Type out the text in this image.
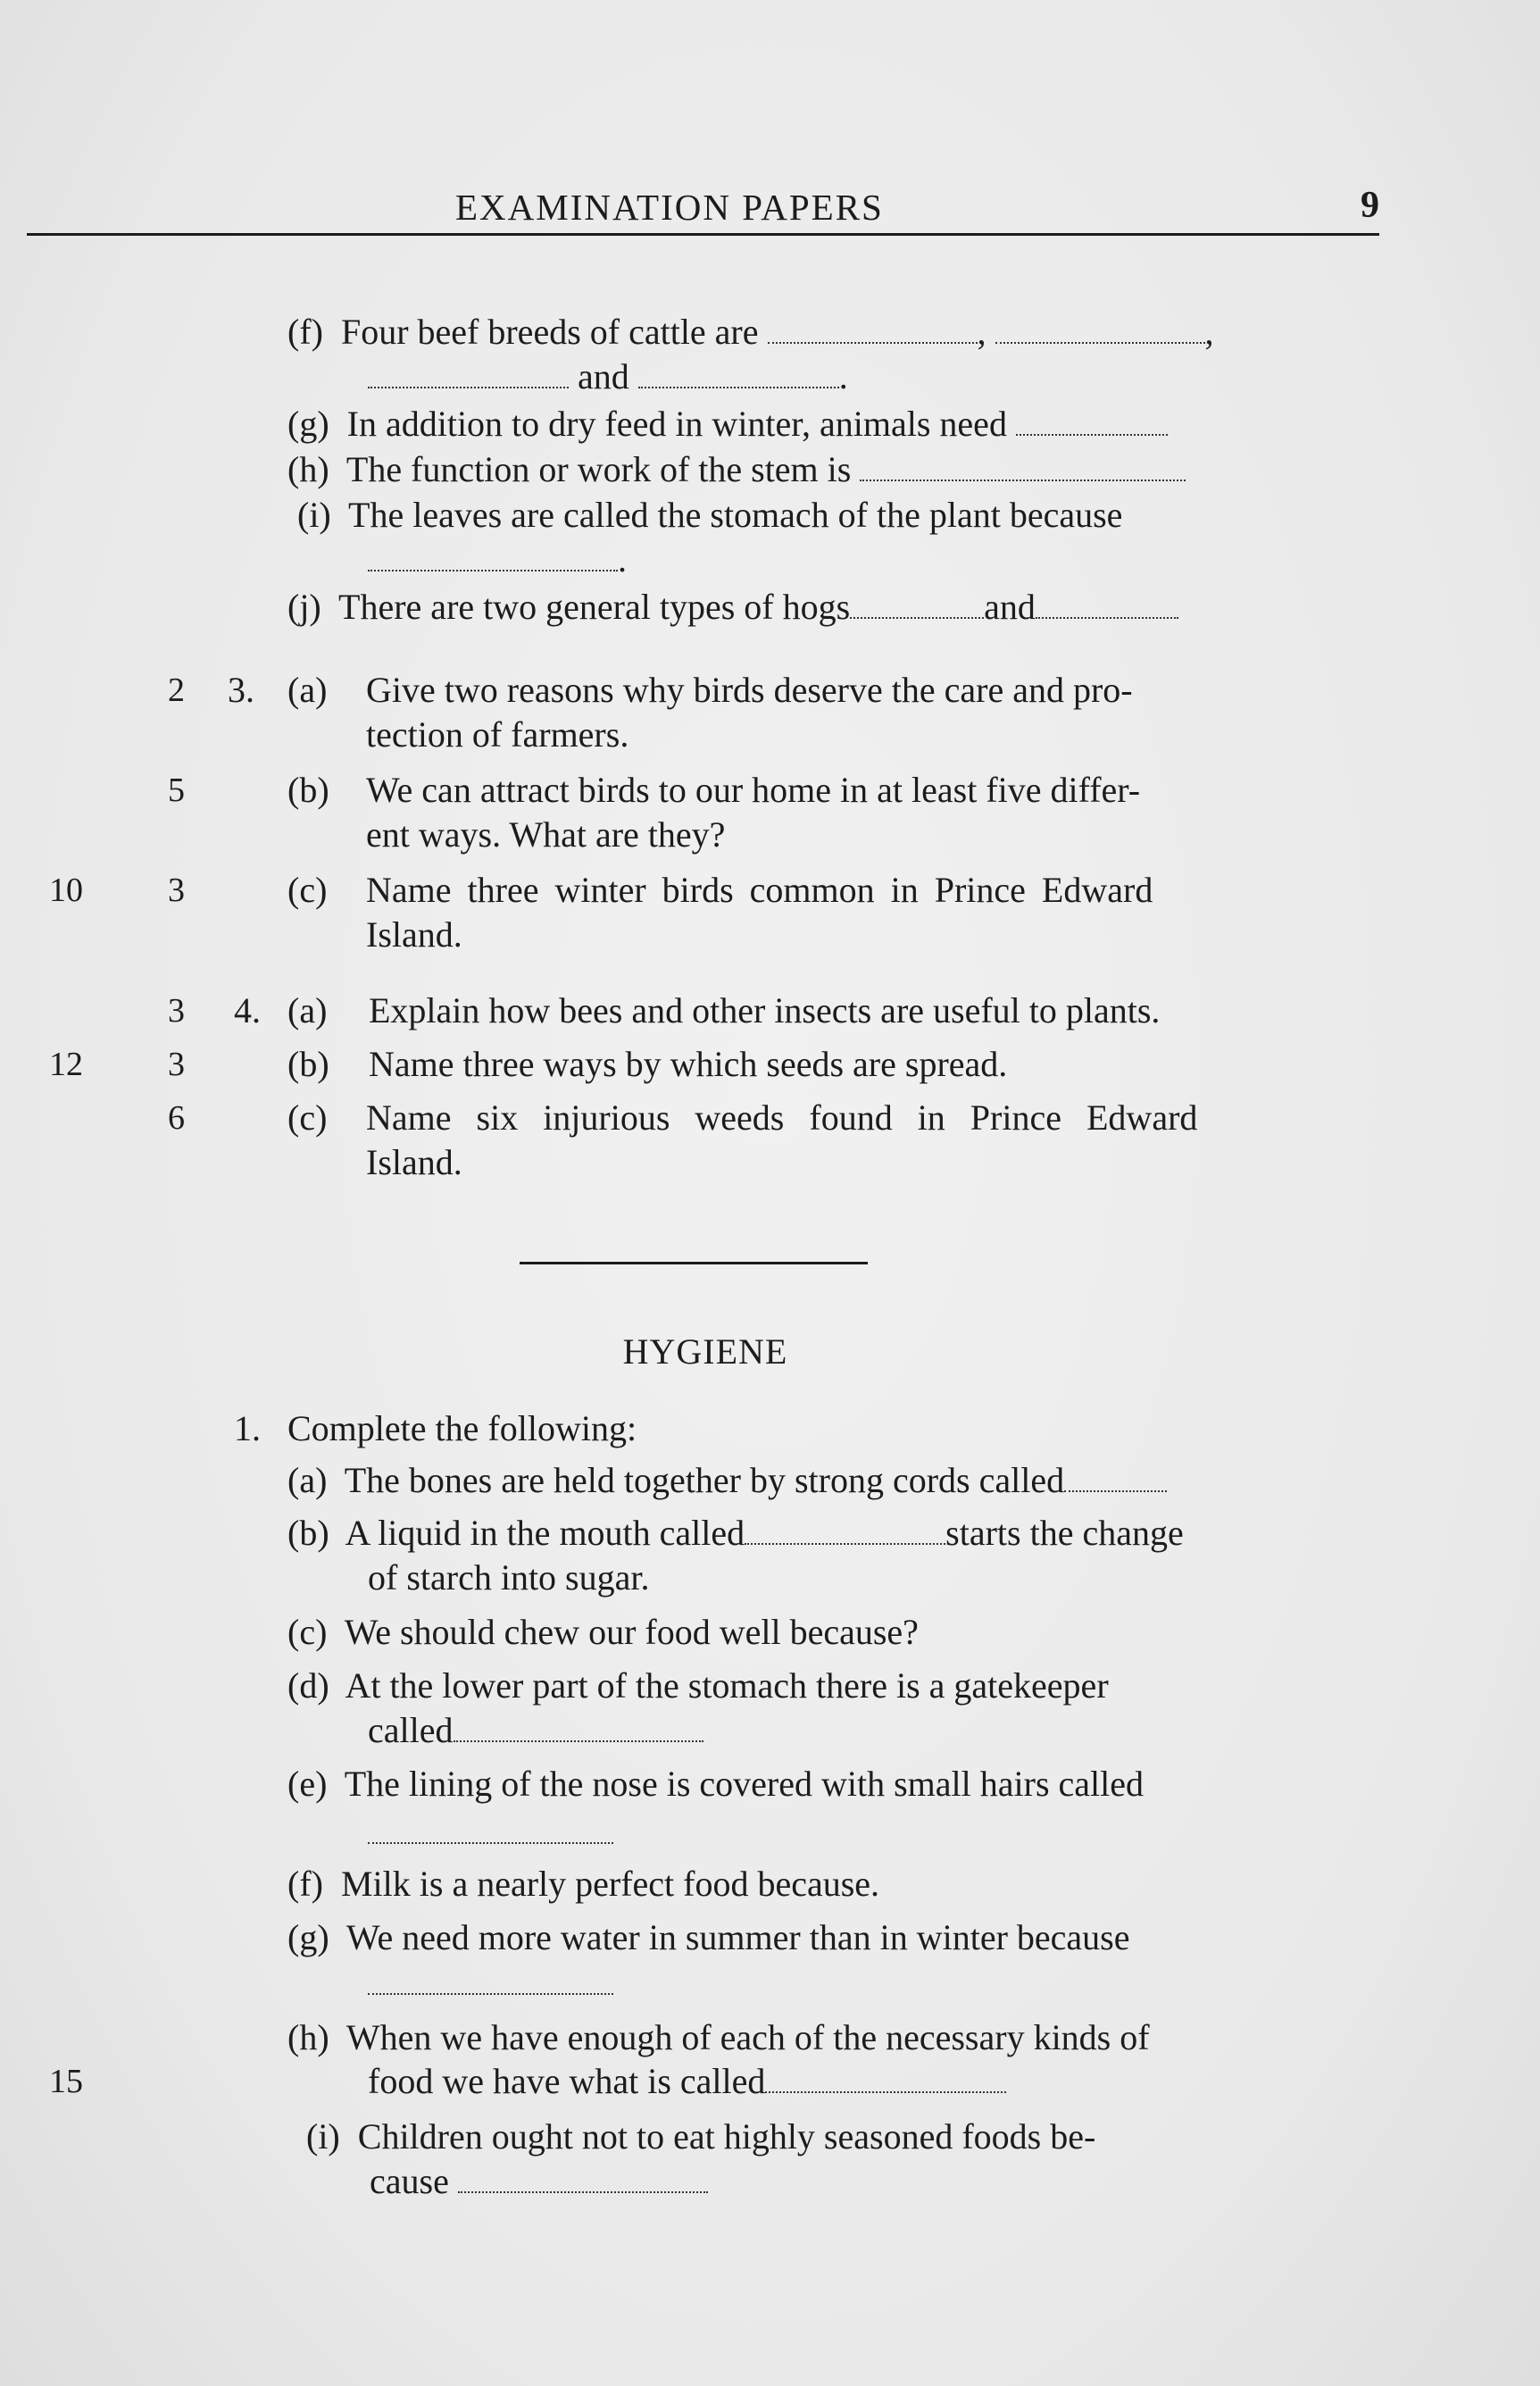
EXAMINATION PAPERS	9
(f) Four beef breeds of cattle are	,	,
and	.
(g) In addition to dry feed in winter, animals need
(h) The function or work of the stem is
(i) The leaves are called the stomach of the plant because
.
(j) There are two general types of hogs	and
2 3. (a) Give two reasons why birds deserve the care and pro-
tection of farmers.
5	(b) We can attract birds to our home in at least five differ-
ent ways. What are they?
10	3	(c) Name three winter birds common in Prince Edward
Island.
3 4. (a) Explain how bees and other insects are useful to plants.
12	3	(b) Name three ways by which seeds are spread.
6	(c) Name six injurious weeds found in Prince Edward
Island.
HYGIENE
1. Complete the following:
(a) The bones are held together by strong cords called
(b) A liquid in the mouth called	starts the change
of starch into sugar.
(c) We should chew our food well because?
(d) At the lower part of the stomach there is a gatekeeper
called
(e) The lining of the nose is covered with small hairs called
(f) Milk is a nearly perfect food because.
(g) We need more water in summer than in winter because
(h) When we have enough of each of the necessary kinds of
15	food we have what is called
(i) Children ought not to eat highly seasoned foods be-
cause
